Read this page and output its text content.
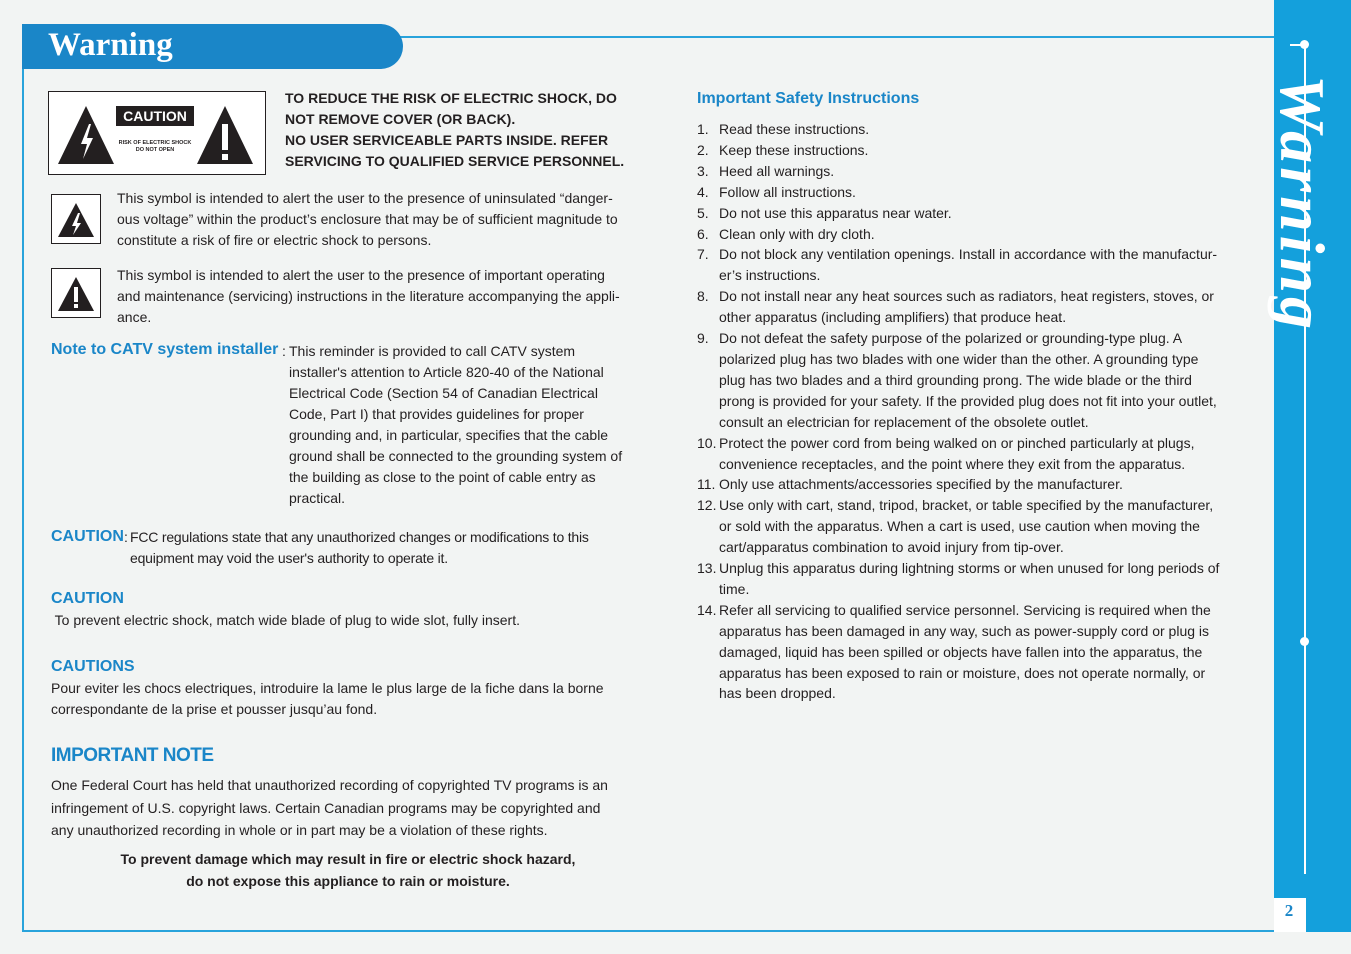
Warning
Warning
2
CAUTION
RISK OF ELECTRIC SHOCK
DO NOT OPEN
TO REDUCE THE RISK OF ELECTRIC SHOCK, DO
NOT REMOVE COVER (OR BACK).
NO USER SERVICEABLE PARTS INSIDE. REFER
SERVICING TO QUALIFIED SERVICE PERSONNEL.
This symbol is intended to alert the user to the presence of uninsulated “danger-
ous voltage” within the product’s enclosure that may be of sufficient magnitude to
constitute a risk of fire or electric shock to persons.
This symbol is intended to alert the user to the presence of important operating
and maintenance (servicing) instructions in the literature accompanying the appli-
ance.
Note to CATV system installer : This reminder is provided to call CATV system
installer's attention to Article 820-40 of the National
Electrical Code (Section 54 of Canadian Electrical
Code, Part I) that provides guidelines for proper
grounding and, in particular, specifies that the cable
ground shall be connected to the grounding system of
the building as close to the point of cable entry as
practical.
CAUTION : FCC regulations state that any unauthorized changes or modifications to this
equipment may void the user's authority to operate it.
CAUTION
To prevent electric shock, match wide blade of plug to wide slot, fully insert.
CAUTIONS
Pour eviter les chocs electriques, introduire la lame le plus large de la fiche dans la borne
correspondante de la prise et pousser jusqu’au fond.
IMPORTANT NOTE
One Federal Court has held that unauthorized recording of copyrighted TV programs is an
infringement of U.S. copyright laws. Certain Canadian programs may be copyrighted and
any unauthorized recording in whole or in part may be a violation of these rights.
To prevent damage which may result in fire or electric shock hazard,
do not expose this appliance to rain or moisture.
Important Safety Instructions
1. Read these instructions.
2. Keep these instructions.
3. Heed all warnings.
4. Follow all instructions.
5. Do not use this apparatus near water.
6. Clean only with dry cloth.
7. Do not block any ventilation openings. Install in accordance with the manufactur-
er’s instructions.
8. Do not install near any heat sources such as radiators, heat registers, stoves, or
other apparatus (including amplifiers) that produce heat.
9. Do not defeat the safety purpose of the polarized or grounding-type plug. A
polarized plug has two blades with one wider than the other. A grounding type
plug has two blades and a third grounding prong. The wide blade or the third
prong is provided for your safety. If the provided plug does not fit into your outlet,
consult an electrician for replacement of the obsolete outlet.
10. Protect the power cord from being walked on or pinched particularly at plugs,
convenience receptacles, and the point where they exit from the apparatus.
11. Only use attachments/accessories specified by the manufacturer.
12. Use only with cart, stand, tripod, bracket, or table specified by the manufacturer,
or sold with the apparatus. When a cart is used, use caution when moving the
cart/apparatus combination to avoid injury from tip-over.
13. Unplug this apparatus during lightning storms or when unused for long periods of
time.
14. Refer all servicing to qualified service personnel. Servicing is required when the
apparatus has been damaged in any way, such as power-supply cord or plug is
damaged, liquid has been spilled or objects have fallen into the apparatus, the
apparatus has been exposed to rain or moisture, does not operate normally, or
has been dropped.
